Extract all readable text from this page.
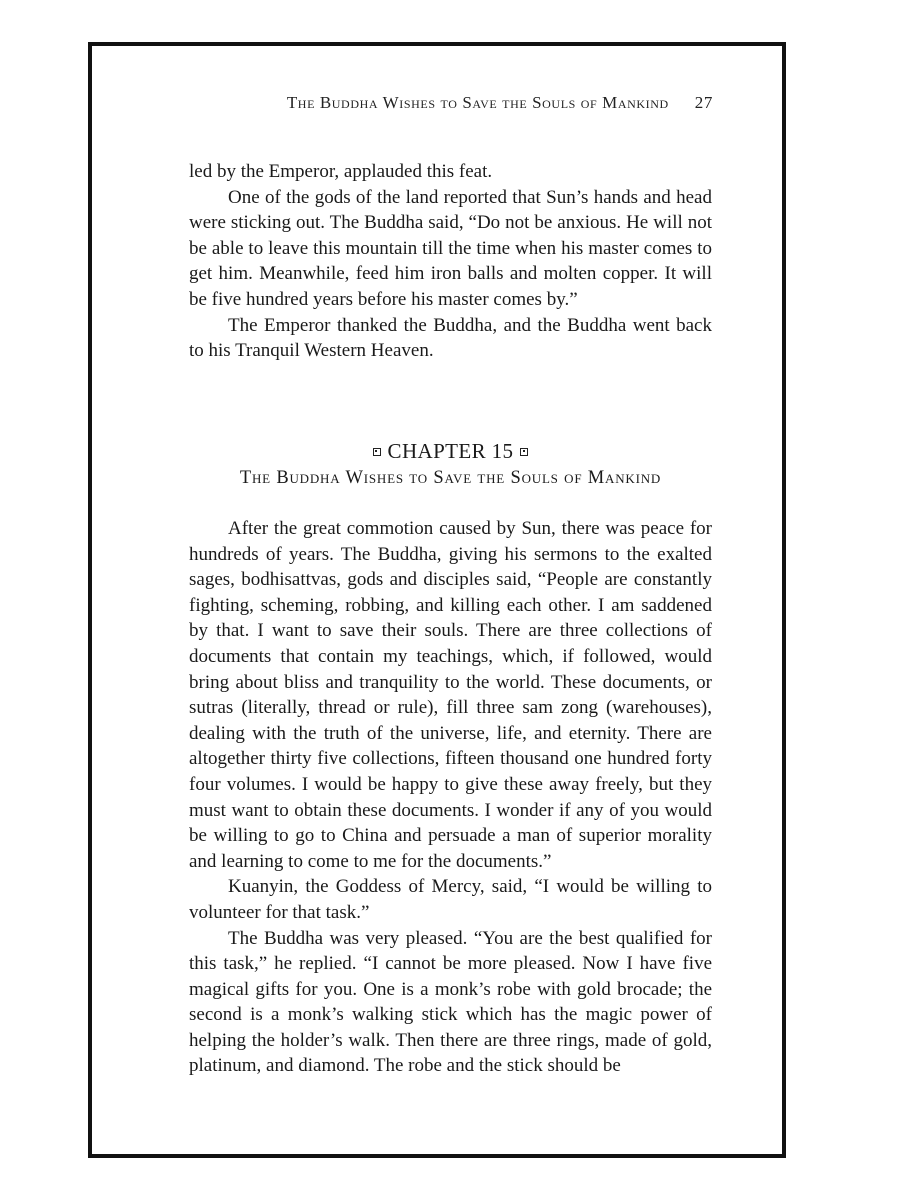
The Buddha Wishes to Save the Souls of Mankind 27

led by the Emperor, applauded this feat.

One of the gods of the land reported that Sun’s hands and head were sticking out. The Buddha said, “Do not be anxious. He will not be able to leave this mountain till the time when his master comes to get him. Meanwhile, feed him iron balls and molten copper. It will be five hundred years before his master comes by.”

The Emperor thanked the Buddha, and the Buddha went back to his Tranquil Western Heaven.

CHAPTER 15
The Buddha Wishes to Save the Souls of Mankind

After the great commotion caused by Sun, there was peace for hundreds of years. The Buddha, giving his sermons to the exalted sages, bodhisattvas, gods and disciples said, “People are constantly fighting, scheming, robbing, and killing each other. I am saddened by that. I want to save their souls. There are three collections of documents that contain my teachings, which, if followed, would bring about bliss and tranquility to the world. These documents, or sutras (literally, thread or rule), fill three sam zong (warehouses), dealing with the truth of the universe, life, and eternity. There are altogether thirty five collections, fifteen thousand one hundred forty four volumes. I would be happy to give these away freely, but they must want to obtain these documents. I wonder if any of you would be willing to go to China and persuade a man of superior morality and learning to come to me for the documents.”

Kuanyin, the Goddess of Mercy, said, “I would be willing to volunteer for that task.”

The Buddha was very pleased. “You are the best qualified for this task,” he replied. “I cannot be more pleased. Now I have five magical gifts for you. One is a monk’s robe with gold brocade; the second is a monk’s walking stick which has the magic power of helping the holder’s walk. Then there are three rings, made of gold, platinum, and diamond. The robe and the stick should be
